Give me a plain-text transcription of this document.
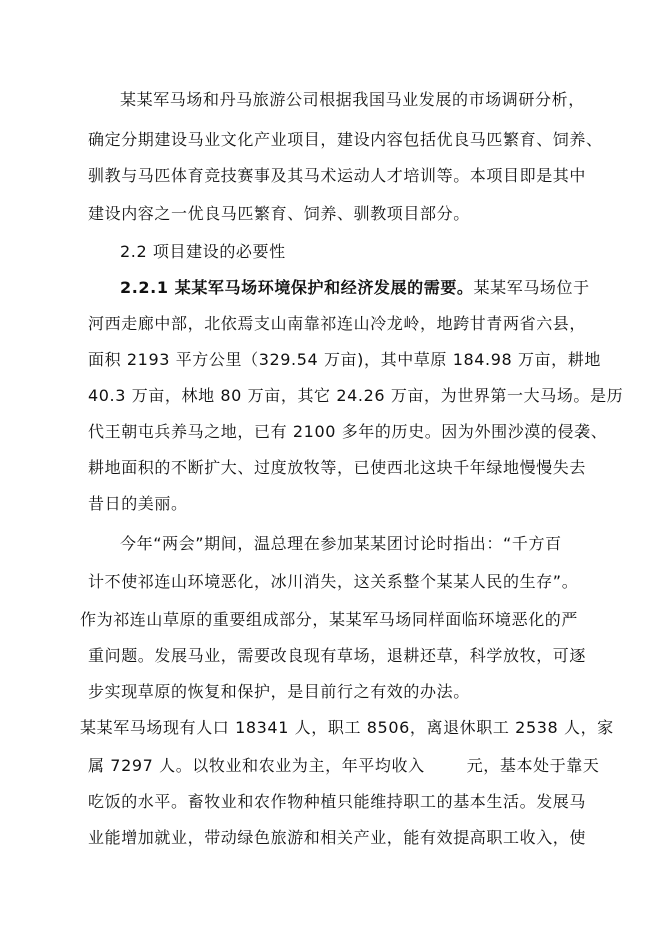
某某军马场和丹马旅游公司根据我国马业发展的市场调研分析，
确定分期建设马业文化产业项目，建设内容包括优良马匹繁育、饲养、
驯教与马匹体育竞技赛事及其马术运动人才培训等。本项目即是其中
建设内容之一优良马匹繁育、饲养、驯教项目部分。
2.2 项目建设的必要性
2.2.1 某某军马场环境保护和经济发展的需要。某某军马场位于
河西走廊中部，北依焉支山南靠祁连山冷龙岭，地跨甘青两省六县，
面积 2193 平方公里（329.54 万亩)，其中草原 184.98 万亩，耕地
40.3 万亩，林地 80 万亩，其它 24.26 万亩，为世界第一大马场。是历
代王朝屯兵养马之地，已有 2100 多年的历史。因为外围沙漠的侵袭、
耕地面积的不断扩大、过度放牧等，已使西北这块千年绿地慢慢失去
昔日的美丽。
今年“两会”期间，温总理在参加某某团讨论时指出：“千方百
计不使祁连山环境恶化，冰川消失，这关系整个某某人民的生存”。
作为祁连山草原的重要组成部分，某某军马场同样面临环境恶化的严
重问题。发展马业，需要改良现有草场，退耕还草，科学放牧，可逐
步实现草原的恢复和保护，是目前行之有效的办法。
某某军马场现有人口 18341 人，职工 8506，离退休职工 2538 人，家
属 7297 人。以牧业和农业为主，年平均收入	元，基本处于靠天
吃饭的水平。畜牧业和农作物种植只能维持职工的基本生活。发展马
业能增加就业，带动绿色旅游和相关产业，能有效提高职工收入，使
